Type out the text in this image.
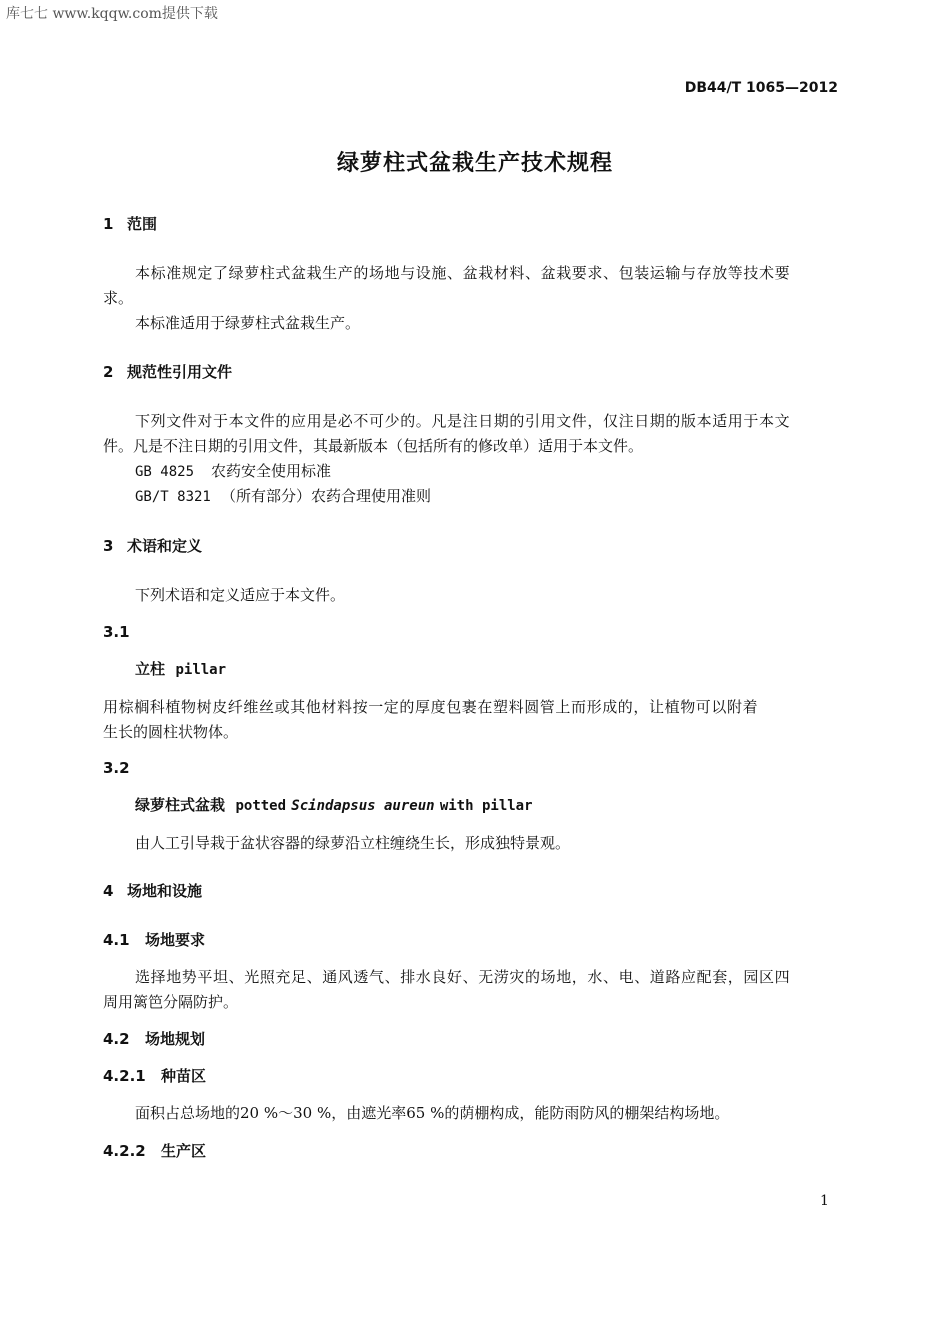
库七七 www.kqqw.com提供下载
DB44/T 1065—2012
绿萝柱式盆栽生产技术规程
1 范围
本标准规定了绿萝柱式盆栽生产的场地与设施、盆栽材料、盆栽要求、包装运输与存放等技术要
求。
本标准适用于绿萝柱式盆栽生产。
2 规范性引用文件
下列文件对于本文件的应用是必不可少的。凡是注日期的引用文件，仅注日期的版本适用于本文
件。凡是不注日期的引用文件，其最新版本（包括所有的修改单）适用于本文件。
GB 4825 农药安全使用标准
GB/T 8321 （所有部分）农药合理使用准则
3 术语和定义
下列术语和定义适应于本文件。
3.1
立柱 pillar
用棕榈科植物树皮纤维丝或其他材料按一定的厚度包裹在塑料圆管上而形成的，让植物可以附着
生长的圆柱状物体。
3.2
绿萝柱式盆栽 potted Scindapsus aureun with pillar
由人工引导栽于盆状容器的绿萝沿立柱缠绕生长，形成独特景观。
4 场地和设施
4.1 场地要求
选择地势平坦、光照充足、通风透气、排水良好、无涝灾的场地，水、电、道路应配套，园区四
周用篱笆分隔防护。
4.2 场地规划
4.2.1 种苗区
面积占总场地的20 %～30 %，由遮光率65 %的荫棚构成，能防雨防风的棚架结构场地。
4.2.2 生产区
1
